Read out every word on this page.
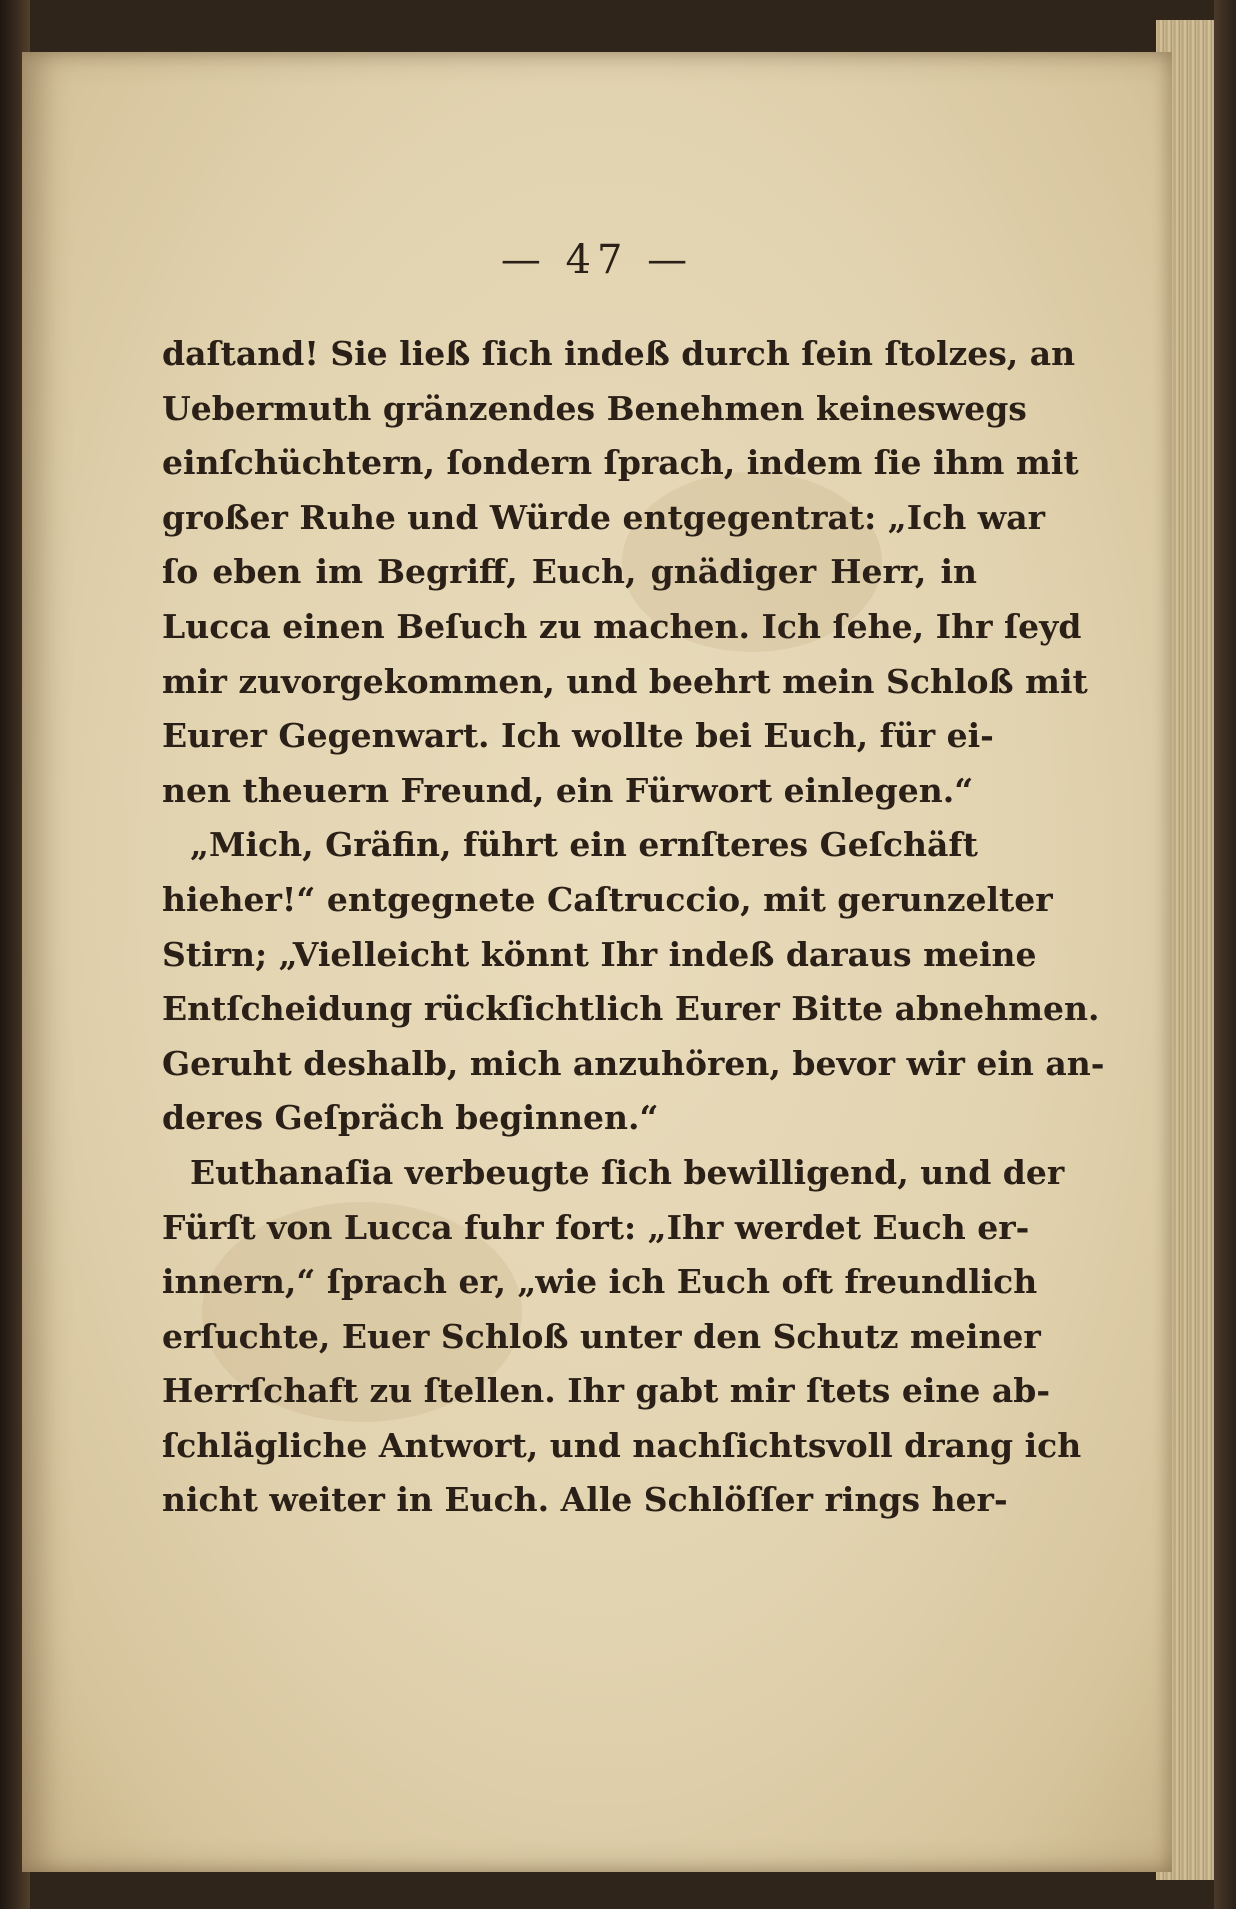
— 47 —
daſtand! Sie ließ ſich indeß durch ſein ſtolzes, an
Uebermuth gränzendes Benehmen keineswegs
einſchüchtern, ſondern ſprach, indem ſie ihm mit
großer Ruhe und Würde entgegentrat: „Ich war
ſo eben im Begriff, Euch, gnädiger Herr, in
Lucca einen Beſuch zu machen. Ich ſehe, Ihr ſeyd
mir zuvorgekommen, und beehrt mein Schloß mit
Eurer Gegenwart. Ich wollte bei Euch, für ei-
nen theuern Freund, ein Fürwort einlegen.“
„Mich, Gräfin, führt ein ernſteres Geſchäft
hieher!“ entgegnete Caſtruccio, mit gerunzelter
Stirn; „Vielleicht könnt Ihr indeß daraus meine
Entſcheidung rückſichtlich Eurer Bitte abnehmen.
Geruht deshalb, mich anzuhören, bevor wir ein an-
deres Geſpräch beginnen.“
Euthanaſia verbeugte ſich bewilligend, und der
Fürſt von Lucca fuhr fort: „Ihr werdet Euch er-
innern,“ ſprach er, „wie ich Euch oft freundlich
erſuchte, Euer Schloß unter den Schutz meiner
Herrſchaft zu ſtellen. Ihr gabt mir ſtets eine ab-
ſchlägliche Antwort, und nachſichtsvoll drang ich
nicht weiter in Euch. Alle Schlöſſer rings her-
